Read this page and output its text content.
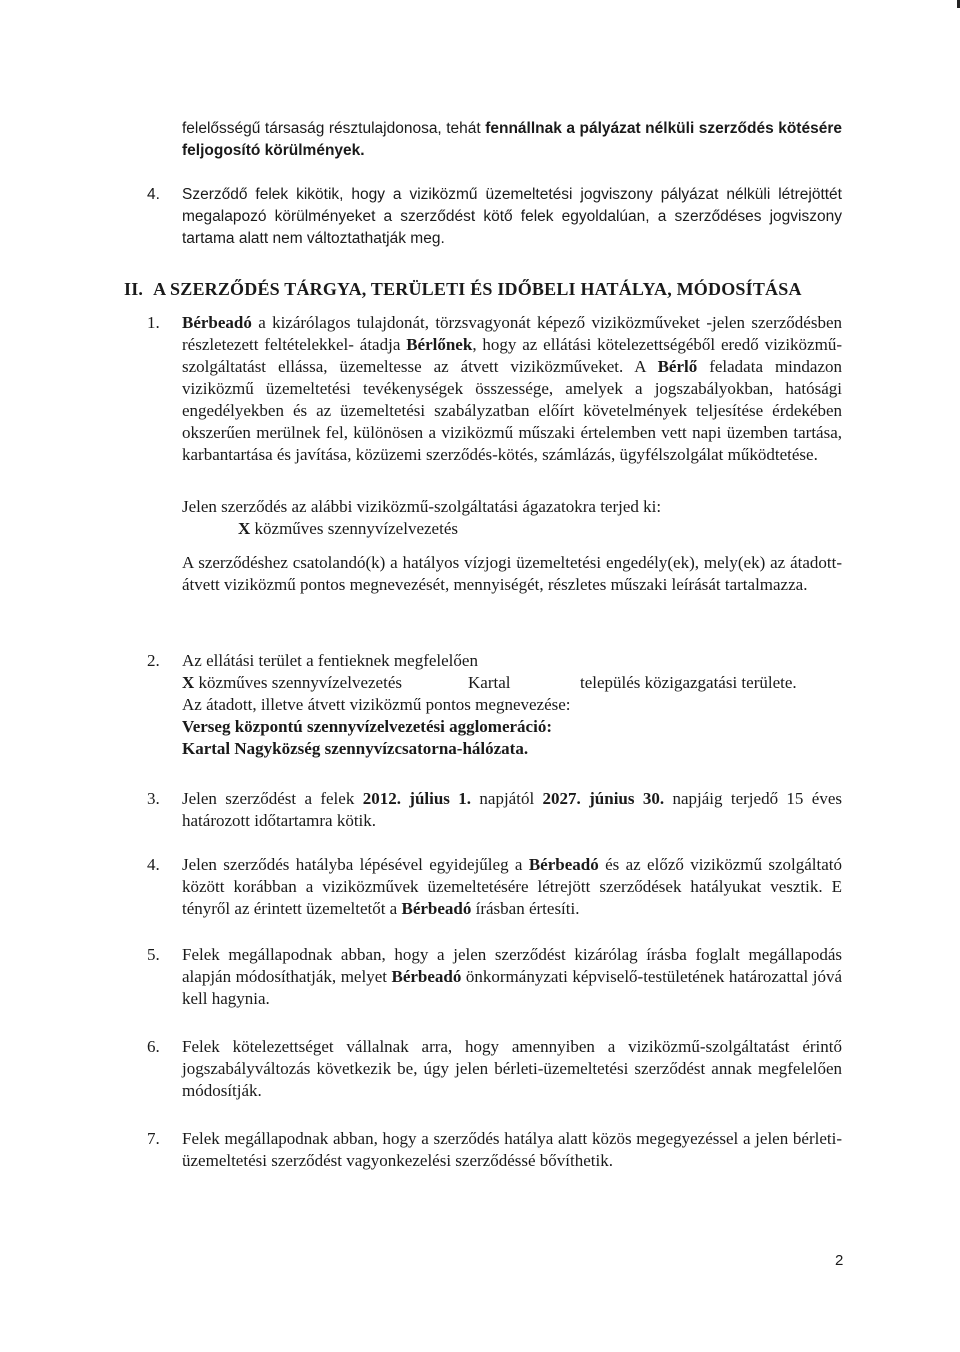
felelősségű társaság résztulajdonosa, tehát fennállnak a pályázat nélküli szerződés kötésére feljogosító körülmények.
4. Szerződő felek kikötik, hogy a viziközmű üzemeltetési jogviszony pályázat nélküli létrejöttét megalapozó körülményeket a szerződést kötő felek egyoldalúan, a szerződéses jogviszony tartama alatt nem változtathatják meg.
II. A SZERZŐDÉS TÁRGYA, TERÜLETI ÉS IDŐBELI HATÁLYA, MÓDOSÍTÁSA
1. Bérbeadó a kizárólagos tulajdonát, törzsvagyonát képező viziközműveket -jelen szerződésben részletezett feltételekkel- átadja Bérlőnek, hogy az ellátási kötelezettségéből eredő viziközmű-szolgáltatást ellássa, üzemeltesse az átvett viziközműveket. A Bérlő feladata mindazon viziközmű üzemeltetési tevékenységek összessége, amelyek a jogszabályokban, hatósági engedélyekben és az üzemeltetési szabályzatban előírt követelmények teljesítése érdekében okszerűen merülnek fel, különösen a viziközmű műszaki értelemben vett napi üzemben tartása, karbantartása és javítása, közüzemi szerződés-kötés, számlázás, ügyfélszolgálat működtetése.
Jelen szerződés az alábbi viziközmű-szolgáltatási ágazatokra terjed ki:
X közműves szennyvízelvezetés
A szerződéshez csatolandó(k) a hatályos vízjogi üzemeltetési engedély(ek), mely(ek) az átadott-átvett viziközmű pontos megnevezését, mennyiségét, részletes műszaki leírását tartalmazza.
2. Az ellátási terület a fentieknek megfelelően
X közműves szennyvízelvezetés	Kartal	település közigazgatási területe.
Az átadott, illetve átvett viziközmű pontos megnevezése:
Verseg központú szennyvízelvezetési agglomeráció:
Kartal Nagyközség szennyvízcsatorna-hálózata.
3. Jelen szerződést a felek 2012. július 1. napjától 2027. június 30. napjáig terjedő 15 éves határozott időtartamra kötik.
4. Jelen szerződés hatályba lépésével egyidejűleg a Bérbeadó és az előző viziközmű szolgáltató között korábban a viziközművek üzemeltetésére létrejött szerződések hatályukat vesztik. E tényről az érintett üzemeltetőt a Bérbeadó írásban értesíti.
5. Felek megállapodnak abban, hogy a jelen szerződést kizárólag írásba foglalt megállapodás alapján módosíthatják, melyet Bérbeadó önkormányzati képviselő-testületének határozattal jóvá kell hagynia.
6. Felek kötelezettséget vállalnak arra, hogy amennyiben a viziközmű-szolgáltatást érintő jogszabályváltozás következik be, úgy jelen bérleti-üzemeltetési szerződést annak megfelelően módosítják.
7. Felek megállapodnak abban, hogy a szerződés hatálya alatt közös megegyezéssel a jelen bérleti-üzemeltetési szerződést vagyonkezelési szerződéssé bővíthetik.
2
